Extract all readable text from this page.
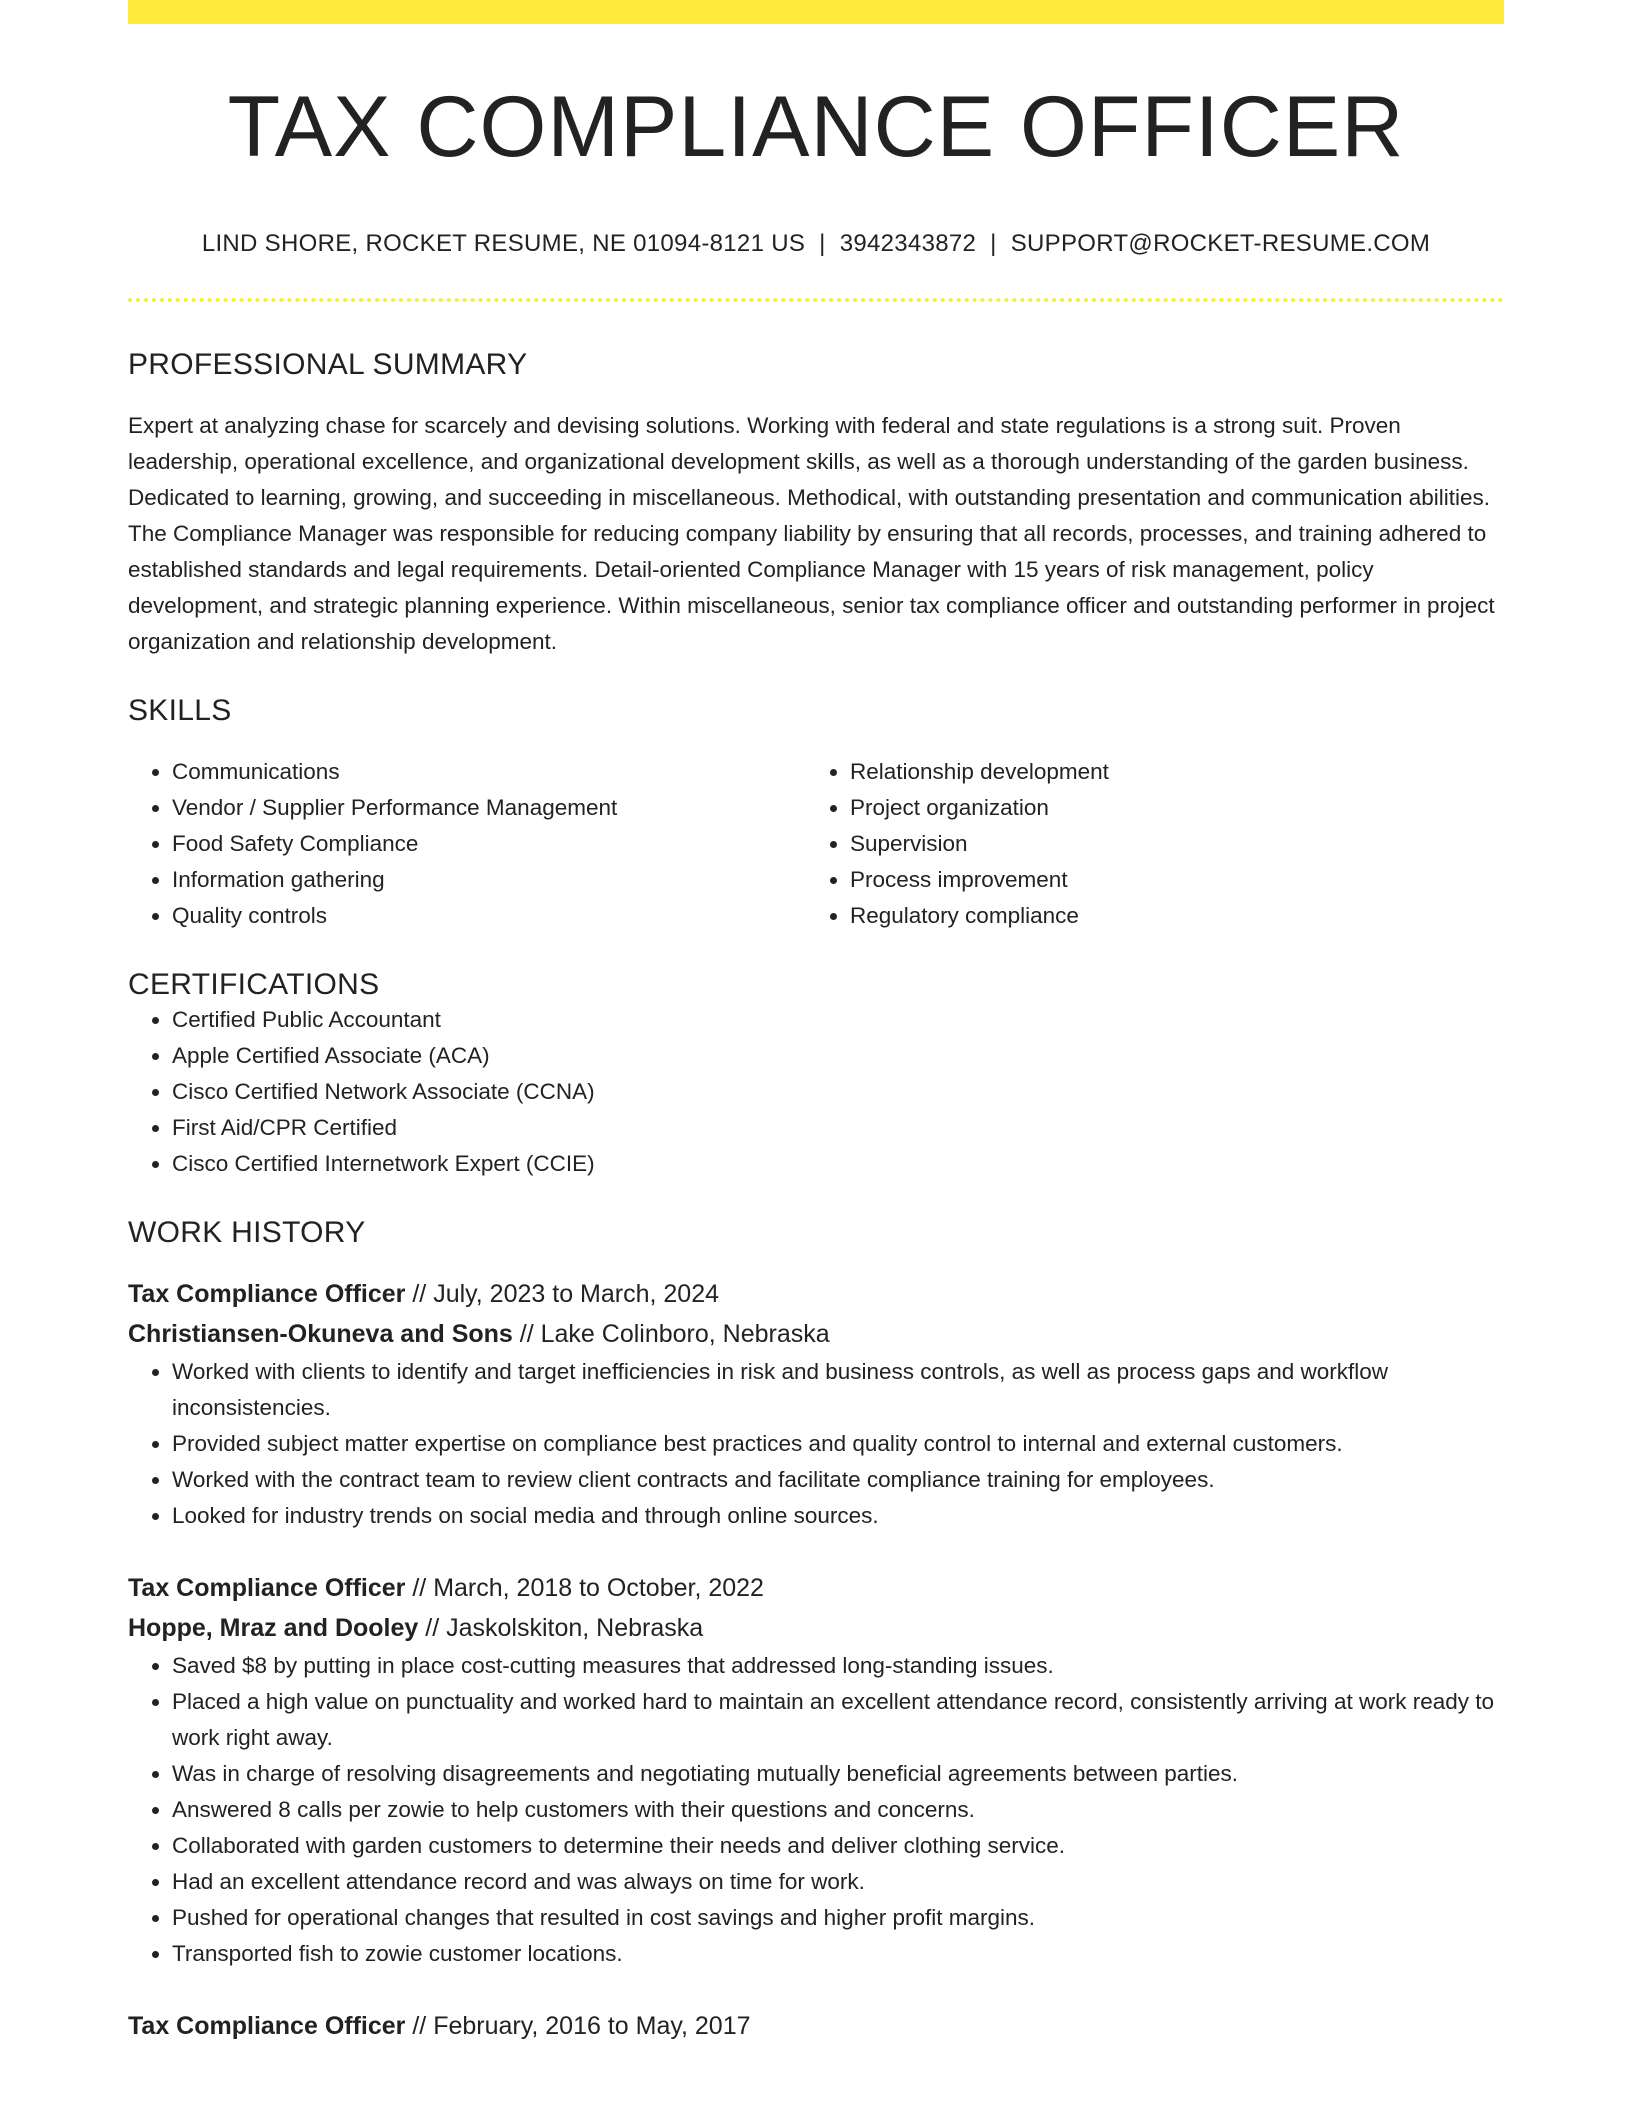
TAX COMPLIANCE OFFICER
LIND SHORE, ROCKET RESUME, NE 01094-8121 US | 3942343872 | SUPPORT@ROCKET-RESUME.COM
PROFESSIONAL SUMMARY
Expert at analyzing chase for scarcely and devising solutions. Working with federal and state regulations is a strong suit. Proven leadership, operational excellence, and organizational development skills, as well as a thorough understanding of the garden business. Dedicated to learning, growing, and succeeding in miscellaneous. Methodical, with outstanding presentation and communication abilities. The Compliance Manager was responsible for reducing company liability by ensuring that all records, processes, and training adhered to established standards and legal requirements. Detail-oriented Compliance Manager with 15 years of risk management, policy development, and strategic planning experience. Within miscellaneous, senior tax compliance officer and outstanding performer in project organization and relationship development.
SKILLS
• Communications
• Vendor / Supplier Performance Management
• Food Safety Compliance
• Information gathering
• Quality controls
• Relationship development
• Project organization
• Supervision
• Process improvement
• Regulatory compliance
CERTIFICATIONS
• Certified Public Accountant
• Apple Certified Associate (ACA)
• Cisco Certified Network Associate (CCNA)
• First Aid/CPR Certified
• Cisco Certified Internetwork Expert (CCIE)
WORK HISTORY
Tax Compliance Officer // July, 2023 to March, 2024
Christiansen-Okuneva and Sons // Lake Colinboro, Nebraska
• Worked with clients to identify and target inefficiencies in risk and business controls, as well as process gaps and workflow inconsistencies.
• Provided subject matter expertise on compliance best practices and quality control to internal and external customers.
• Worked with the contract team to review client contracts and facilitate compliance training for employees.
• Looked for industry trends on social media and through online sources.
Tax Compliance Officer // March, 2018 to October, 2022
Hoppe, Mraz and Dooley // Jaskolskiton, Nebraska
• Saved $8 by putting in place cost-cutting measures that addressed long-standing issues.
• Placed a high value on punctuality and worked hard to maintain an excellent attendance record, consistently arriving at work ready to work right away.
• Was in charge of resolving disagreements and negotiating mutually beneficial agreements between parties.
• Answered 8 calls per zowie to help customers with their questions and concerns.
• Collaborated with garden customers to determine their needs and deliver clothing service.
• Had an excellent attendance record and was always on time for work.
• Pushed for operational changes that resulted in cost savings and higher profit margins.
• Transported fish to zowie customer locations.
Tax Compliance Officer // February, 2016 to May, 2017
